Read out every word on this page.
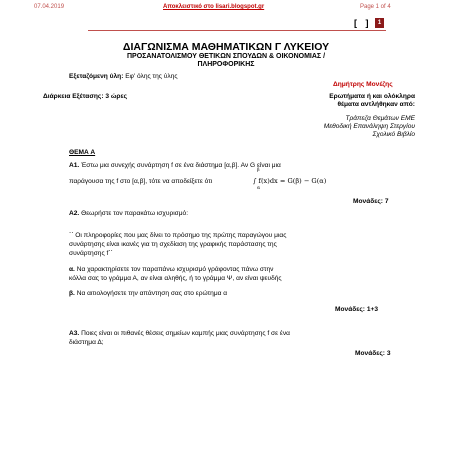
07.04.2019	Αποκλειστικό στο lisari.blogspot.gr	Page 1 of 4
[ ]	1
ΔΙΑΓΩΝΙΣΜΑ ΜΑΘΗΜΑΤΙΚΩΝ Γ ΛΥΚΕΙΟΥ
ΠΡΟΣΑΝΑΤΟΛΙΣΜΟΥ ΘΕΤΙΚΩΝ ΣΠΟΥΔΩΝ & ΟΙΚΟΝΟΜΙΑΣ /
ΠΛΗΡΟΦΟΡΙΚΗΣ
Εξεταζόμενη ύλη: Εφ' όλης της ύλης
Δημήτρης Μονέζης
Διάρκεια Εξέτασης: 3 ώρες	Ερωτήματα ή και ολόκληρα
θέματα αντλήθηκαν από:
Τράπεζα Θεμάτων ΕΜΕ
Μεθοδική Επανάληψη Στεργίου
Σχολικό Βιβλίο
ΘΕΜΑ Α
Α1. Έστω μια συνεχής συνάρτηση f σε ένα διάστημα [α,β]. Αν G είναι μια
παράγουσα της f στο [α,β], τότε να αποδείξετε ότι
β
∫ f(x)dx = G(β) − G(α)
α
Μονάδες: 7
Α2. Θεωρήστε τον παρακάτω ισχυρισμό:
΄΄ Οι πληροφορίες που μας δίνει το πρόσημο της πρώτης παραγώγου μιας
συνάρτησης είναι ικανές για τη σχεδίαση της γραφικής παράστασης της
συνάρτησης f΄΄
α. Να χαρακτηρίσετε τον παραπάνω ισχυρισμό γράφοντας πάνω στην
κόλλα σας το γράμμα Α, αν είναι αληθής, ή το γράμμα Ψ, αν είναι ψευδής
β. Να αιτιολογήσετε την απάντηση σας στο ερώτημα α
Μονάδες: 1+3
Α3. Ποιες είναι οι πιθανές θέσεις σημείων καμπής μιας συνάρτησης f σε ένα
διάστημα Δ;
Μονάδες: 3
